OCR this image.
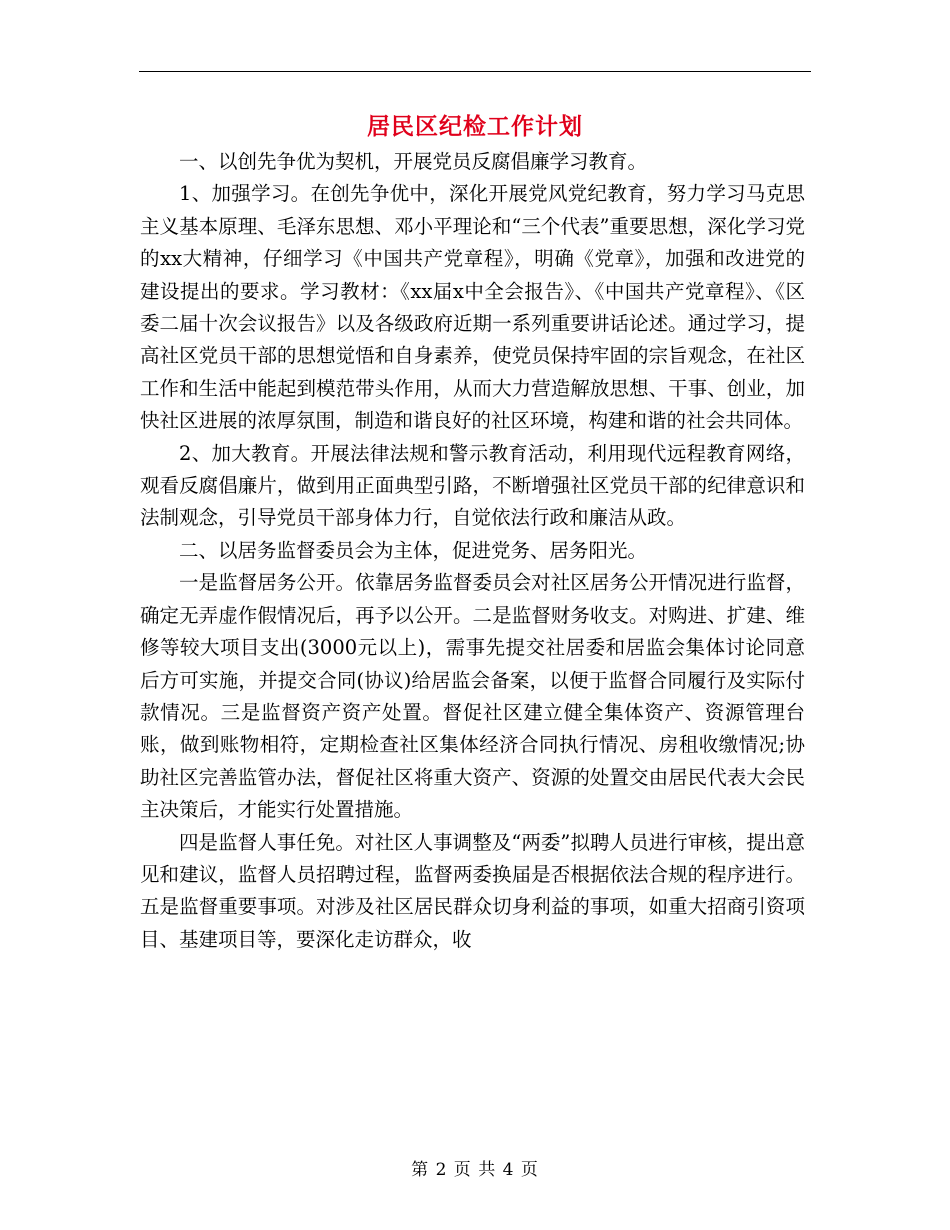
居民区纪检工作计划

一、以创先争优为契机，开展党员反腐倡廉学习教育。

1、加强学习。在创先争优中，深化开展党风党纪教育，努力学习马克思主义基本原理、毛泽东思想、邓小平理论和“三个代表”重要思想，深化学习党的xx大精神，仔细学习《中国共产党章程》，明确《党章》，加强和改进党的建设提出的要求。学习教材：《xx届x中全会报告》、《中国共产党章程》、《区委二届十次会议报告》以及各级政府近期一系列重要讲话论述。通过学习，提高社区党员干部的思想觉悟和自身素养，使党员保持牢固的宗旨观念，在社区工作和生活中能起到模范带头作用，从而大力营造解放思想、干事、创业，加快社区进展的浓厚氛围，制造和谐良好的社区环境，构建和谐的社会共同体。

2、加大教育。开展法律法规和警示教育活动，利用现代远程教育网络，观看反腐倡廉片，做到用正面典型引路，不断增强社区党员干部的纪律意识和法制观念，引导党员干部身体力行，自觉依法行政和廉洁从政。

二、以居务监督委员会为主体，促进党务、居务阳光。

一是监督居务公开。依靠居务监督委员会对社区居务公开情况进行监督，确定无弄虚作假情况后，再予以公开。二是监督财务收支。对购进、扩建、维修等较大项目支出(3000元以上)，需事先提交社居委和居监会集体讨论同意后方可实施，并提交合同(协议)给居监会备案，以便于监督合同履行及实际付款情况。三是监督资产资产处置。督促社区建立健全集体资产、资源管理台账，做到账物相符，定期检查社区集体经济合同执行情况、房租收缴情况;协助社区完善监管办法，督促社区将重大资产、资源的处置交由居民代表大会民主决策后，才能实行处置措施。

四是监督人事任免。对社区人事调整及“两委”拟聘人员进行审核，提出意见和建议，监督人员招聘过程，监督两委换届是否根据依法合规的程序进行。五是监督重要事项。对涉及社区居民群众切身利益的事项，如重大招商引资项目、基建项目等，要深化走访群众，收

第 2 页 共 4 页
